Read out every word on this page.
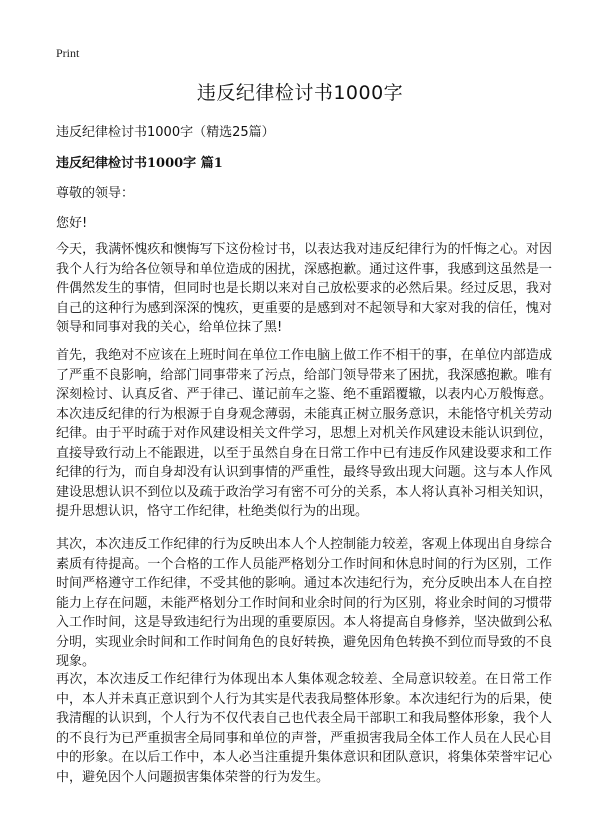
Print
违反纪律检讨书1000字

违反纪律检讨书1000字（精选25篇）

违反纪律检讨书1000字 篇1

尊敬的领导：

您好!

今天，我满怀愧疚和懊悔写下这份检讨书，以表达我对违反纪律行为的忏悔之心。对因我个人行为给各位领导和单位造成的困扰，深感抱歉。通过这件事，我感到这虽然是一件偶然发生的事情，但同时也是长期以来对自己放松要求的必然后果。经过反思，我对自己的这种行为感到深深的愧疚，更重要的是感到对不起领导和大家对我的信任，愧对领导和同事对我的关心，给单位抹了黑!

首先，我绝对不应该在上班时间在单位工作电脑上做工作不相干的事，在单位内部造成了严重不良影响，给部门同事带来了污点，给部门领导带来了困扰，我深感抱歉。唯有深刻检讨、认真反省、严于律己、谨记前车之鉴、绝不重蹈覆辙，以表内心万般悔意。本次违反纪律的行为根源于自身观念薄弱，未能真正树立服务意识，未能恪守机关劳动纪律。由于平时疏于对作风建设相关文件学习，思想上对机关作风建设未能认识到位，直接导致行动上不能跟进，以至于虽然自身在日常工作中已有违反作风建设要求和工作纪律的行为，而自身却没有认识到事情的严重性，最终导致出现大问题。这与本人作风建设思想认识不到位以及疏于政治学习有密不可分的关系，本人将认真补习相关知识，提升思想认识，恪守工作纪律，杜绝类似行为的出现。

其次，本次违反工作纪律的行为反映出本人个人控制能力较差，客观上体现出自身综合素质有待提高。一个合格的工作人员能严格划分工作时间和休息时间的行为区别，工作时间严格遵守工作纪律，不受其他的影响。通过本次违纪行为，充分反映出本人在自控能力上存在问题，未能严格划分工作时间和业余时间的行为区别，将业余时间的习惯带入工作时间，这是导致违纪行为出现的重要原因。本人将提高自身修养，坚决做到公私分明，实现业余时间和工作时间角色的良好转换，避免因角色转换不到位而导致的不良现象。

再次，本次违反工作纪律行为体现出本人集体观念较差、全局意识较差。在日常工作中，本人并未真正意识到个人行为其实是代表我局整体形象。本次违纪行为的后果，使我清醒的认识到，个人行为不仅代表自己也代表全局干部职工和我局整体形象，我个人的不良行为已严重损害全局同事和单位的声誉，严重损害我局全体工作人员在人民心目中的形象。在以后工作中，本人必当注重提升集体意识和团队意识，将集体荣誉牢记心中，避免因个人问题损害集体荣誉的行为发生。
